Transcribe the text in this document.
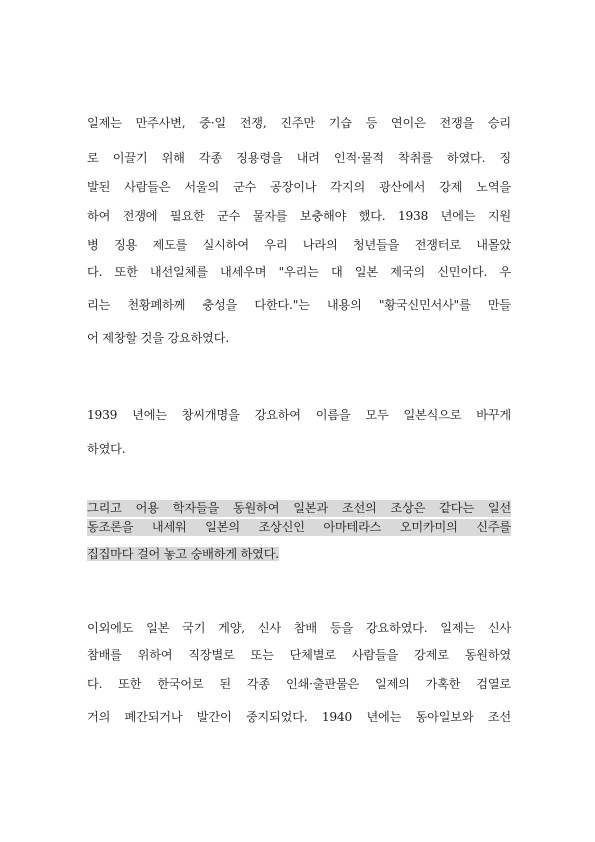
일제는 만주사변, 중·일 전쟁, 진주만 기습 등 연이은 전쟁을 승리
로 이끌기 위해 각종 징용령을 내려 인적·물적 착취를 하였다. 징
발된 사람들은 서울의 군수 공장이나 각지의 광산에서 강제 노역을
하여 전쟁에 필요한 군수 물자를 보충해야 했다. 1938 년에는 지원
병 징용 제도를 실시하여 우리 나라의 청년들을 전쟁터로 내몰았
다. 또한 내선일체를 내세우며 "우리는 대 일본 제국의 신민이다. 우
리는 천황폐하께 충성을 다한다."는 내용의 "황국신민서사"를 만들
어 제창할 것을 강요하였다.
1939 년에는 창씨개명을 강요하여 이름을 모두 일본식으로 바꾸게
하였다.
그리고 어용 학자들을 동원하여 일본과 조선의 조상은 같다는 일선
동조론을 내세워 일본의 조상신인 아마테라스 오미카미의 신주를
집집마다 걸어 놓고 숭배하게 하였다.
이외에도 일본 국기 게양, 신사 참배 등을 강요하였다. 일제는 신사
참배를 위하여 직장별로 또는 단체별로 사람들을 강제로 동원하였
다. 또한 한국어로 된 각종 인쇄·출판물은 일제의 가혹한 검열로
거의 폐간되거나 발간이 중지되었다. 1940 년에는 동아일보와 조선
